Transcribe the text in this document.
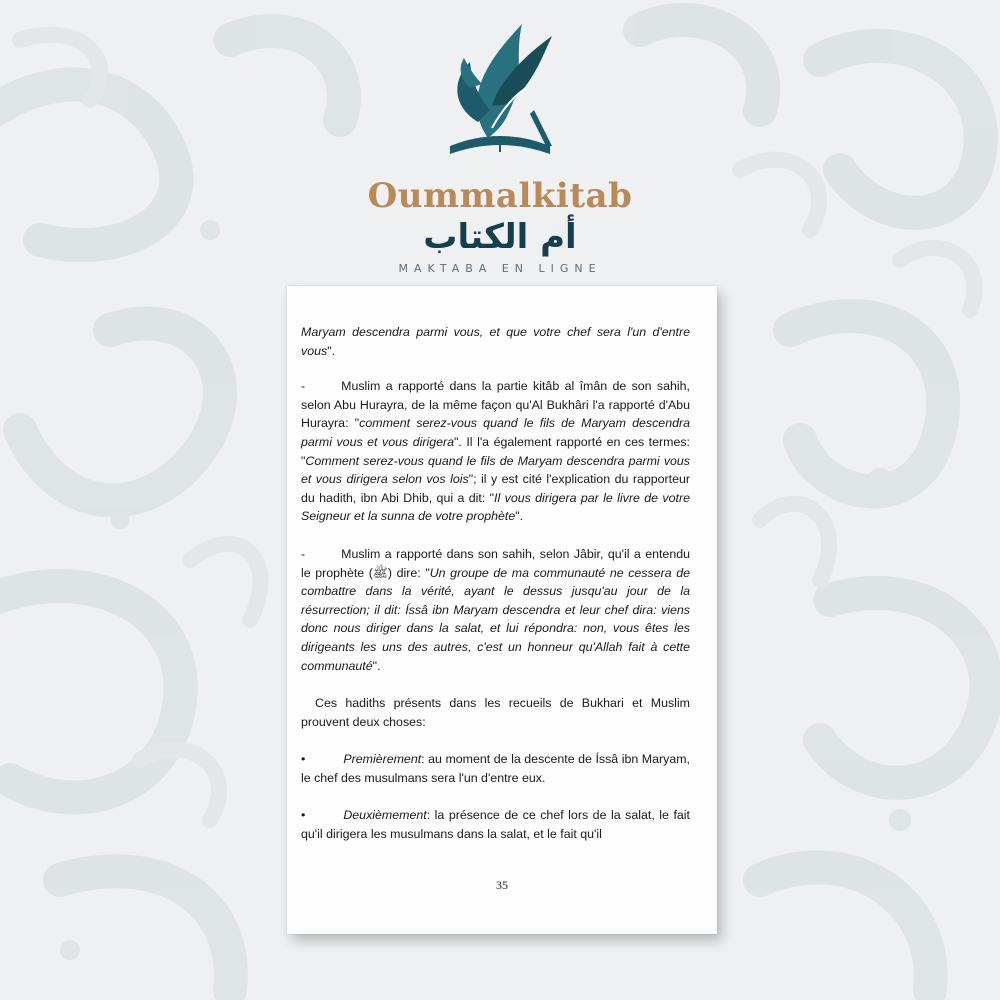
Oummalkitab
أم الكتاب
MAKTABA EN LIGNE

Maryam descendra parmi vous, et que votre chef sera l'un d'entre vous".

-	Muslim a rapporté dans la partie kitâb al îmân de son sahih, selon Abu Hurayra, de la même façon qu'Al Bukhâri l'a rapporté d'Abu Hurayra: "comment serez-vous quand le fils de Maryam descendra parmi vous et vous dirigera". Il l'a également rapporté en ces termes: "Comment serez-vous quand le fils de Maryam descendra parmi vous et vous dirigera selon vos lois"; il y est cité l'explication du rapporteur du hadith, ibn Abi Dhib, qui a dit: "Il vous dirigera par le livre de votre Seigneur et la sunna de votre prophète".

-	Muslim a rapporté dans son sahih, selon Jâbir, qu'il a entendu le prophète (ﷺ) dire: "Un groupe de ma communauté ne cessera de combattre dans la vérité, ayant le dessus jusqu'au jour de la résurrection; il dit: Íssâ ibn Maryam descendra et leur chef dira: viens donc nous diriger dans la salat, et lui répondra: non, vous êtes les dirigeants les uns des autres, c'est un honneur qu'Allah fait à cette communauté".

Ces hadiths présents dans les recueils de Bukhari et Muslim prouvent deux choses:

•	Premièrement: au moment de la descente de Íssâ ibn Maryam, le chef des musulmans sera l'un d'entre eux.

•	Deuxièmement: la présence de ce chef lors de la salat, le fait qu'il dirigera les musulmans dans la salat, et le fait qu'il

35
